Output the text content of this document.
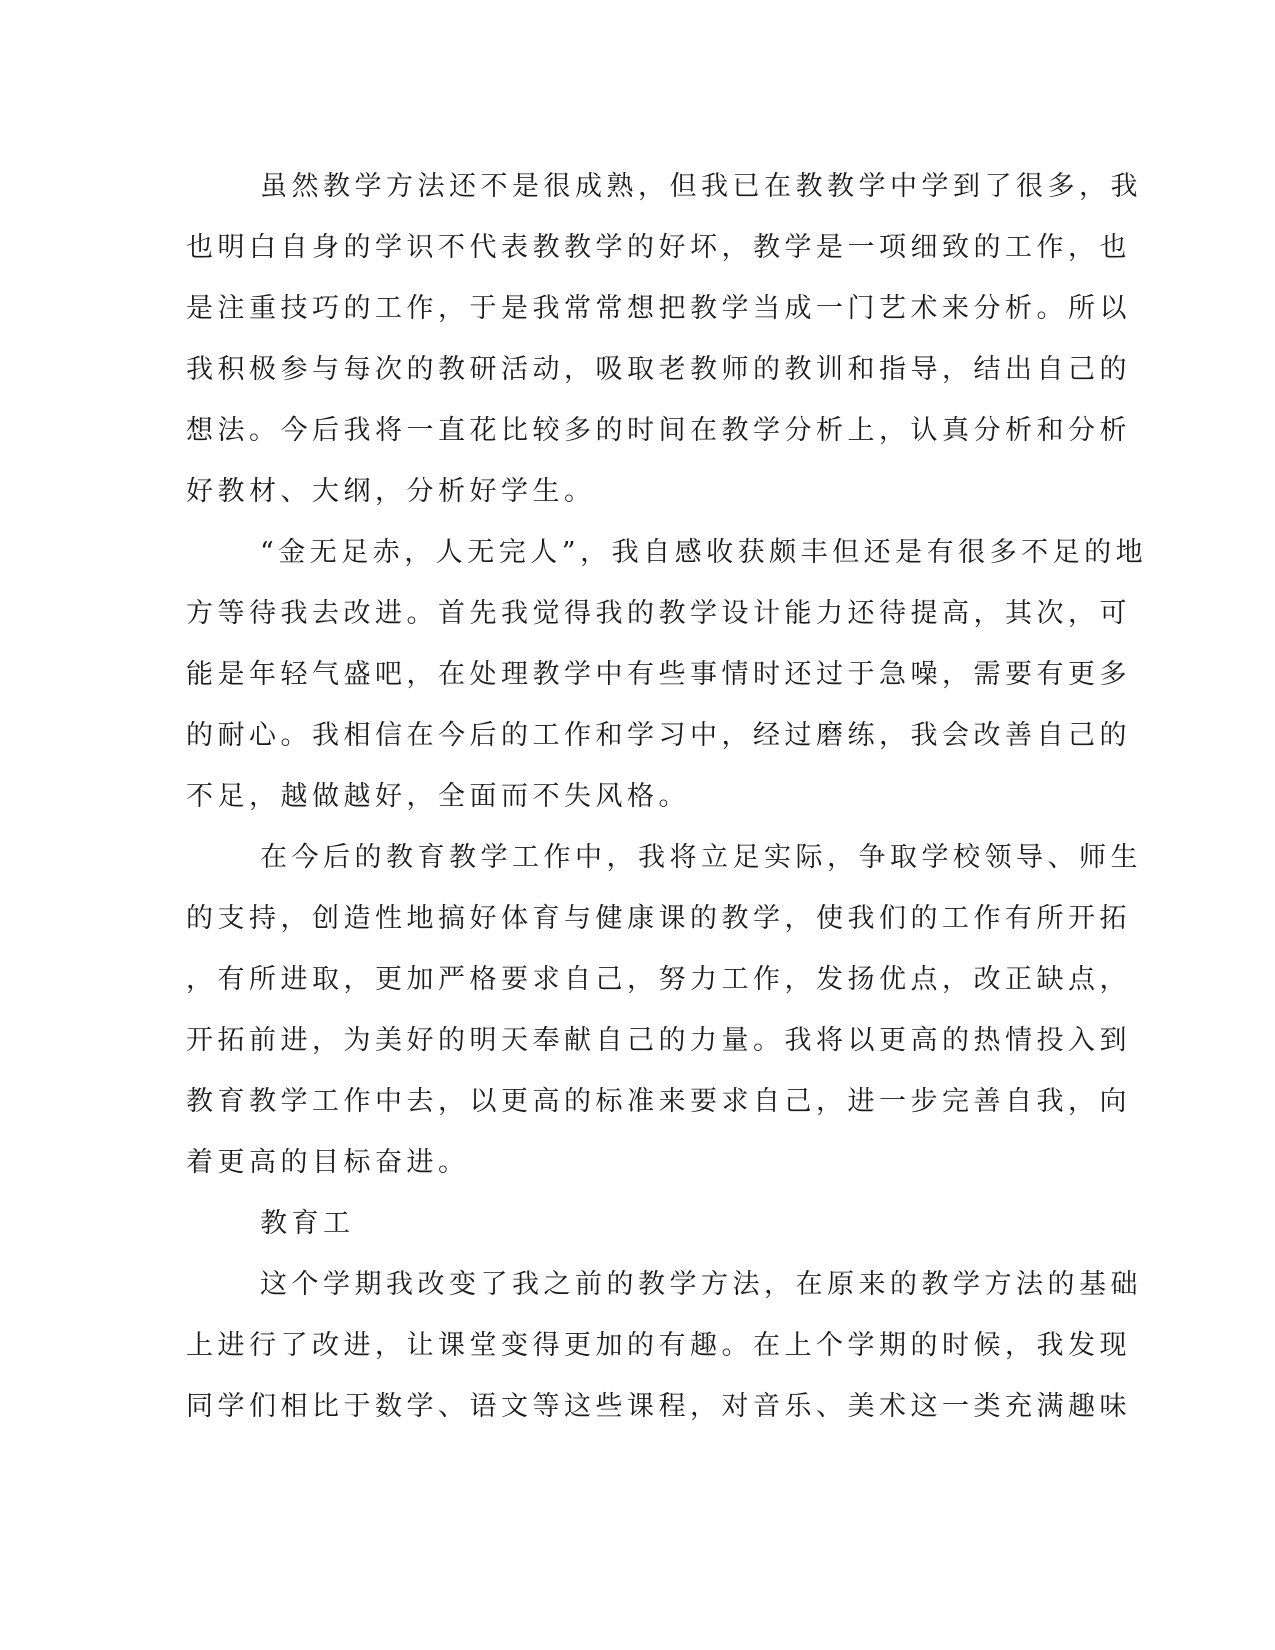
虽然教学方法还不是很成熟，但我已在教教学中学到了很多，我
也明白自身的学识不代表教教学的好坏，教学是一项细致的工作，也
是注重技巧的工作，于是我常常想把教学当成一门艺术来分析。所以
我积极参与每次的教研活动，吸取老教师的教训和指导，结出自己的
想法。今后我将一直花比较多的时间在教学分析上，认真分析和分析
好教材、大纲，分析好学生。

“金无足赤，人无完人”，我自感收获颇丰但还是有很多不足的地
方等待我去改进。首先我觉得我的教学设计能力还待提高，其次，可
能是年轻气盛吧，在处理教学中有些事情时还过于急噪，需要有更多
的耐心。我相信在今后的工作和学习中，经过磨练，我会改善自己的
不足，越做越好，全面而不失风格。

在今后的教育教学工作中，我将立足实际，争取学校领导、师生
的支持，创造性地搞好体育与健康课的教学，使我们的工作有所开拓
，有所进取，更加严格要求自己，努力工作，发扬优点，改正缺点，
开拓前进，为美好的明天奉献自己的力量。我将以更高的热情投入到
教育教学工作中去，以更高的标准来要求自己，进一步完善自我，向
着更高的目标奋进。

教育工

这个学期我改变了我之前的教学方法，在原来的教学方法的基础
上进行了改进，让课堂变得更加的有趣。在上个学期的时候，我发现
同学们相比于数学、语文等这些课程，对音乐、美术这一类充满趣味
